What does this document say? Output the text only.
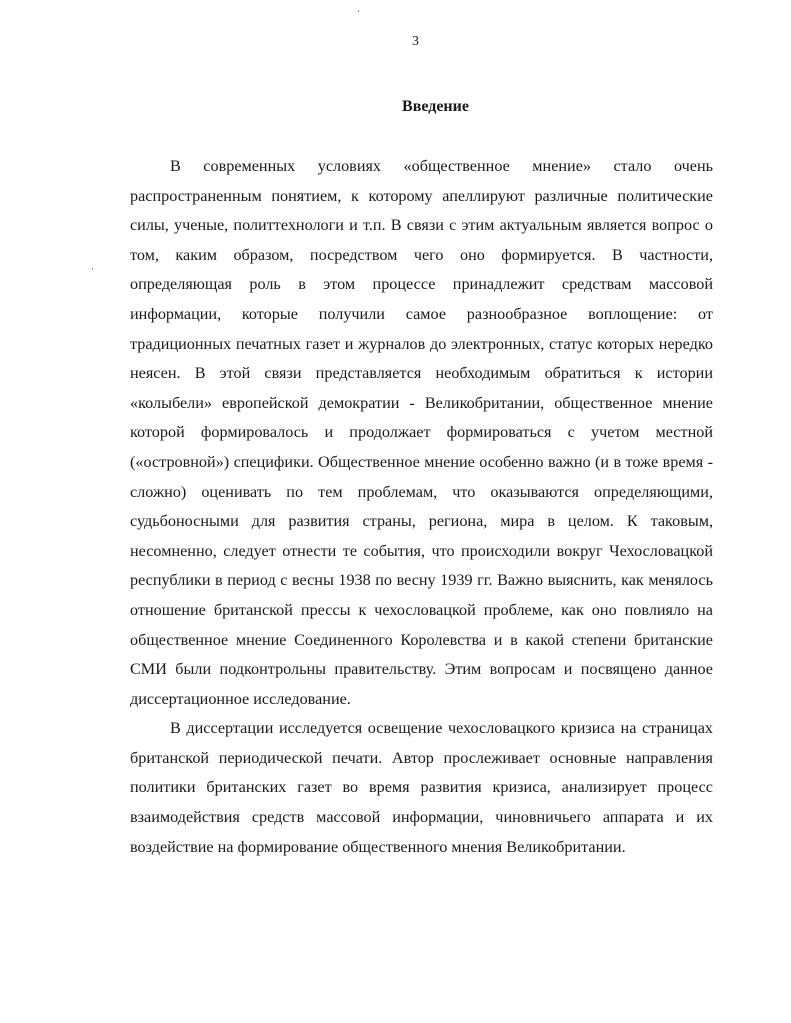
3
Введение

В современных условиях «общественное мнение» стало очень распространенным понятием, к которому апеллируют различные политические силы, ученые, политтехнологи и т.п. В связи с этим актуальным является вопрос о том, каким образом, посредством чего оно формируется. В частности, определяющая роль в этом процессе принадлежит средствам массовой информации, которые получили самое разнообразное воплощение: от традиционных печатных газет и журналов до электронных, статус которых нередко неясен. В этой связи представляется необходимым обратиться к истории «колыбели» европейской демократии - Великобритании, общественное мнение которой формировалось и продолжает формироваться с учетом местной («островной») специфики. Общественное мнение особенно важно (и в тоже время - сложно) оценивать по тем проблемам, что оказываются определяющими, судьбоносными для развития страны, региона, мира в целом. К таковым, несомненно, следует отнести те события, что происходили вокруг Чехословацкой республики в период с весны 1938 по весну 1939 гг. Важно выяснить, как менялось отношение британской прессы к чехословацкой проблеме, как оно повлияло на общественное мнение Соединенного Королевства и в какой степени британские СМИ были подконтрольны правительству. Этим вопросам и посвящено данное диссертационное исследование.

В диссертации исследуется освещение чехословацкого кризиса на страницах британской периодической печати. Автор прослеживает основные направления политики британских газет во время развития кризиса, анализирует процесс взаимодействия средств массовой информации, чиновничьего аппарата и их воздействие на формирование общественного мнения Великобритании.
